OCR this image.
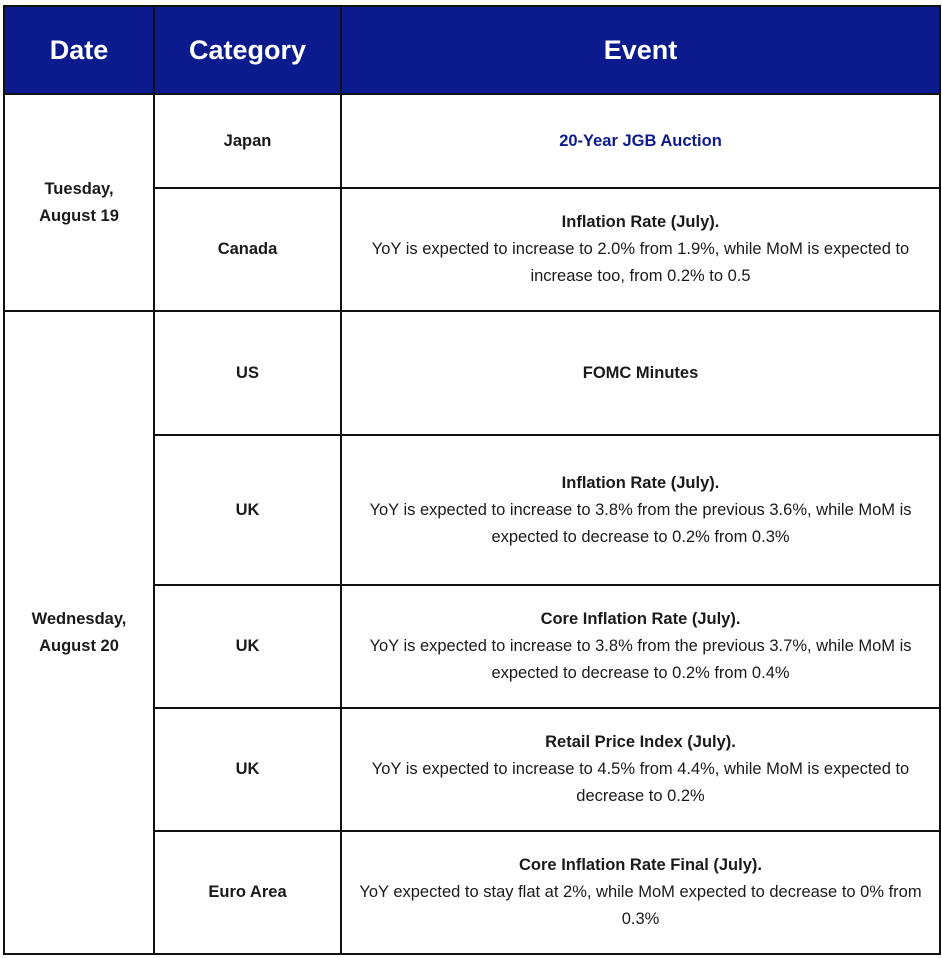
Date	Category	Event
Tuesday,
August 19	Japan	20-Year JGB Auction

	Canada	Inflation Rate (July).
YoY is expected to increase to 2.0% from 1.9%, while MoM is expected to increase too, from 0.2% to 0.5

Wednesday,
August 20	US	FOMC Minutes

	UK	Inflation Rate (July).
YoY is expected to increase to 3.8% from the previous 3.6%, while MoM is expected to decrease to 0.2% from 0.3%

	UK	Core Inflation Rate (July).
YoY is expected to increase to 3.8% from the previous 3.7%, while MoM is expected to decrease to 0.2% from 0.4%

	UK	Retail Price Index (July).
YoY is expected to increase to 4.5% from 4.4%, while MoM is expected to decrease to 0.2%

	Euro Area	Core Inflation Rate Final (July).
YoY expected to stay flat at 2%, while MoM expected to decrease to 0% from 0.3%
